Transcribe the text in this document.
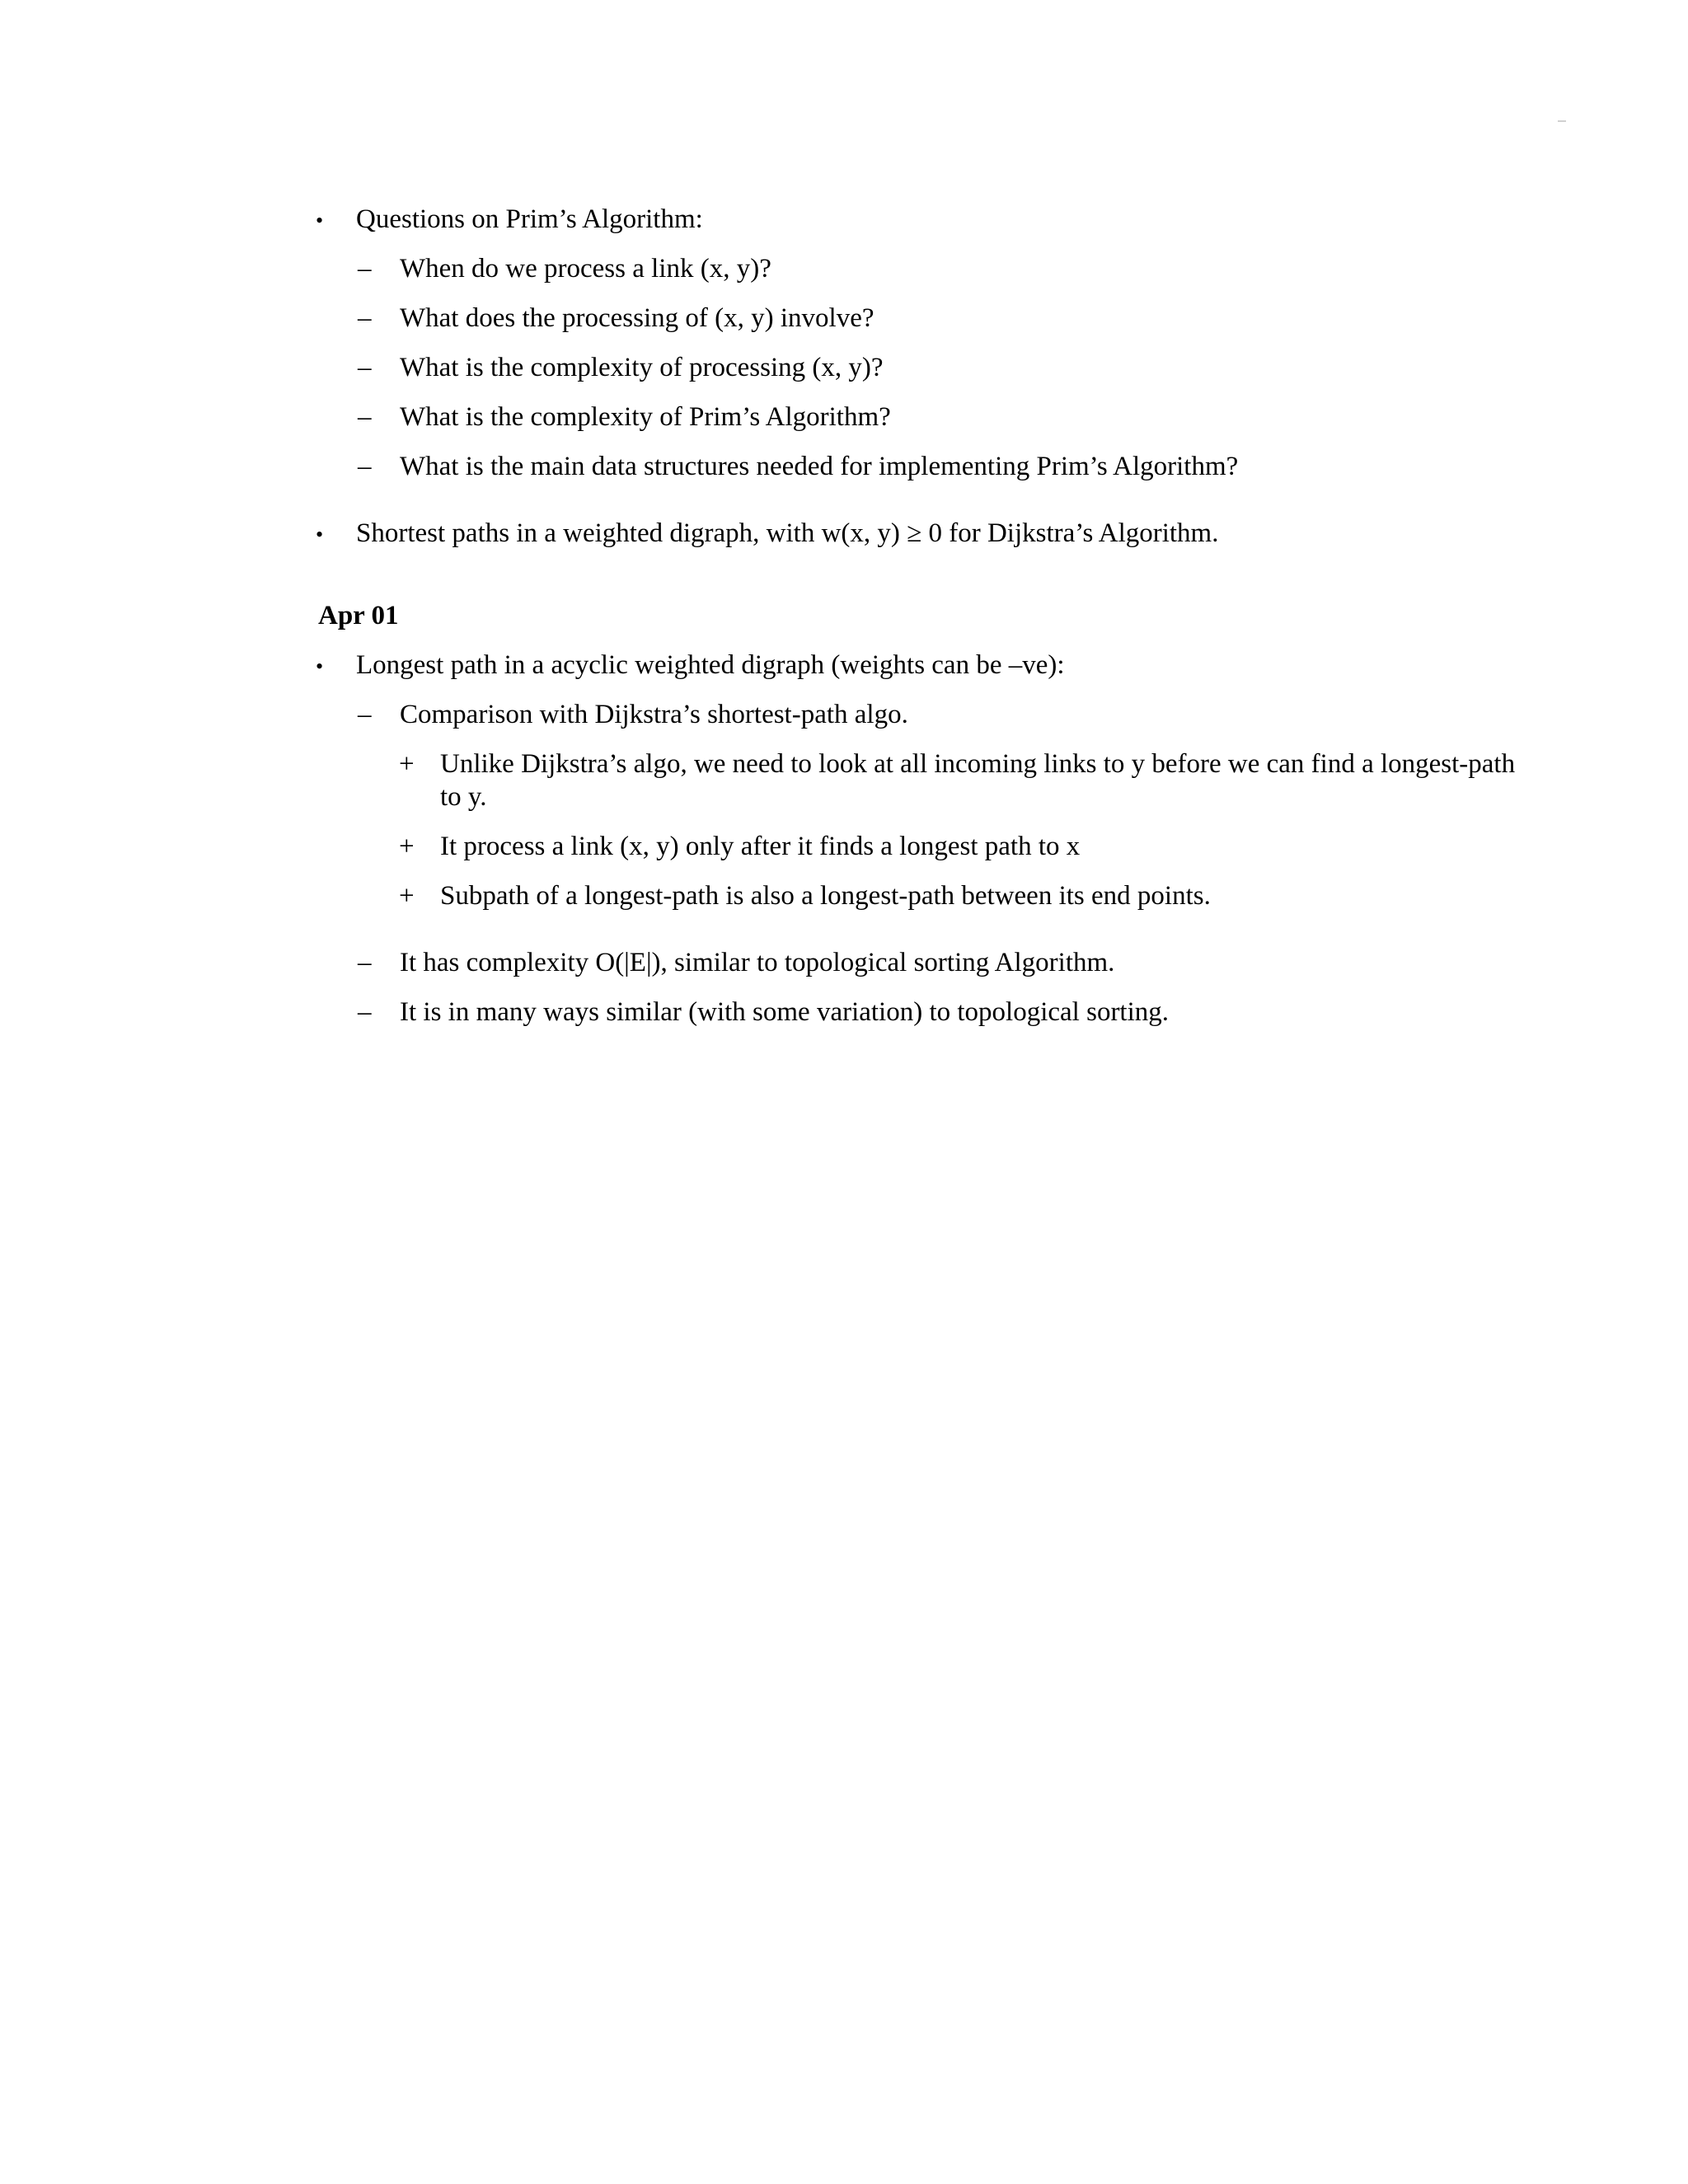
• Questions on Prim’s Algorithm:
– When do we process a link (x, y)?
– What does the processing of (x, y) involve?
– What is the complexity of processing (x, y)?
– What is the complexity of Prim’s Algorithm?
– What is the main data structures needed for implementing Prim’s Algorithm?
• Shortest paths in a weighted digraph, with w(x, y) ≥ 0 for Dijkstra’s Algorithm.
Apr 01
• Longest path in a acyclic weighted digraph (weights can be –ve):
– Comparison with Dijkstra’s shortest-path algo.
+ Unlike Dijkstra’s algo, we need to look at all incoming links to y before we can find a longest-path
to y.
+ It process a link (x, y) only after it finds a longest path to x
+ Subpath of a longest-path is also a longest-path between its end points.
– It has complexity O(|E|), similar to topological sorting Algorithm.
– It is in many ways similar (with some variation) to topological sorting.
